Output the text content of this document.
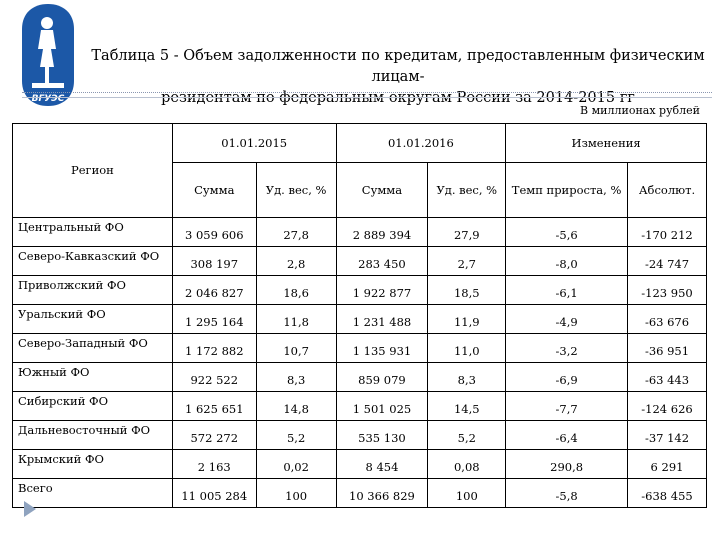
ВГУЭС
Таблица 5 - Объем задолженности по кредитам, предоставленным физическим лицам-
резидентам по федеральным округам России за 2014-2015 гг
В миллионах рублей
Регион	01.01.2015		01.01.2016		Изменения	
	Сумма	Уд. вес, %	Сумма	Уд. вес, %	Темп прироста, %	Абсолют.
Центральный ФО	3 059 606	27,8	2 889 394	27,9	-5,6	-170 212
Северо-Кавказский ФО	308 197	2,8	283 450	2,7	-8,0	-24 747
Приволжский ФО	2 046 827	18,6	1 922 877	18,5	-6,1	-123 950
Уральский ФО	1 295 164	11,8	1 231 488	11,9	-4,9	-63 676
Северо-Западный ФО	1 172 882	10,7	1 135 931	11,0	-3,2	-36 951
Южный ФО	922 522	8,3	859 079	8,3	-6,9	-63 443
Сибирский ФО	1 625 651	14,8	1 501 025	14,5	-7,7	-124 626
Дальневосточный ФО	572 272	5,2	535 130	5,2	-6,4	-37 142
Крымский ФО	2 163	0,02	8 454	0,08	290,8	6 291
Всего	11 005 284	100	10 366 829	100	-5,8	-638 455
